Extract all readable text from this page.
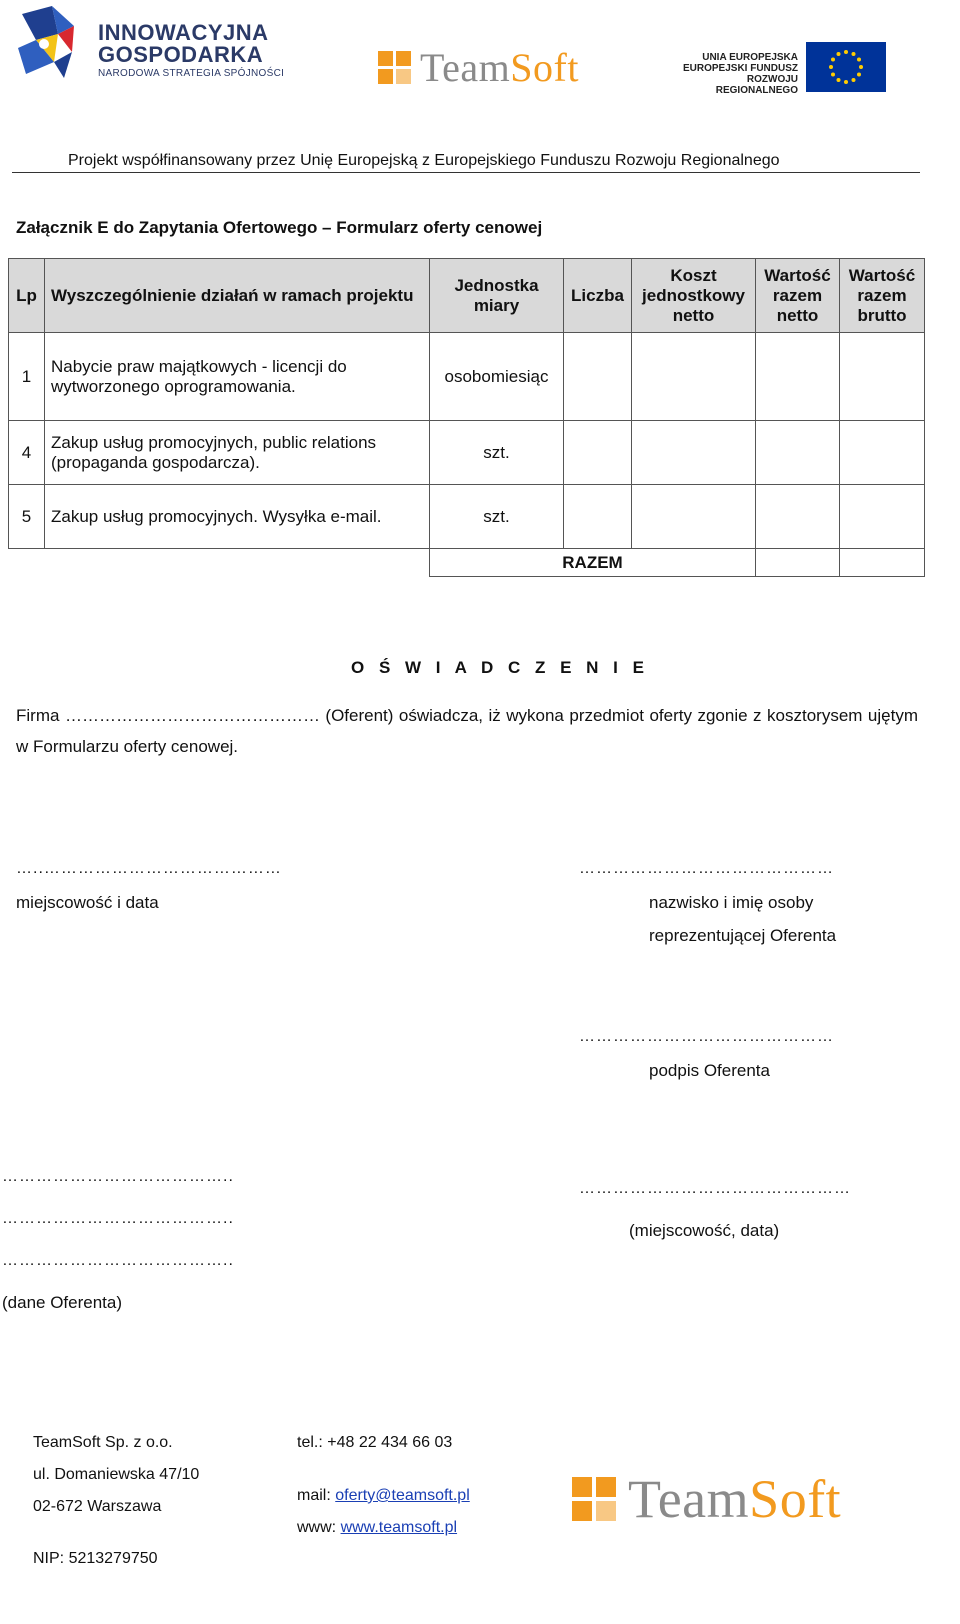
INNOWACYJNA
GOSPODARKA
NARODOWA STRATEGIA SPÓJNOŚCI	TeamSoft	UNIA EUROPEJSKA
EUROPEJSKI FUNDUSZ
ROZWOJU REGIONALNEGO
Projekt współfinansowany przez Unię Europejską z Europejskiego Funduszu Rozwoju Regionalnego
Załącznik E do Zapytania Ofertowego – Formularz oferty cenowej
Lp	Wyszczególnienie działań w ramach projektu	Jednostka miary	Liczba	Koszt jednostkowy netto	Wartość razem netto	Wartość razem brutto
1	Nabycie praw majątkowych - licencji do wytworzonego oprogramowania.	osobomiesiąc				
4	Zakup usług promocyjnych, public relations (propaganda gospodarcza).	szt.				
5	Zakup usług promocyjnych. Wysyłka e-mail.	szt.				
		RAZEM				
O Ś W I A D C Z E N I E
Firma ……………………………………… (Oferent) oświadcza, iż wykona przedmiot oferty zgonie z kosztorysem ujętym w Formularzu oferty cenowej.
…..……………………………………
miejscowość i data
………………………………………
nazwisko i imię osoby
reprezentującej Oferenta
………………………………………
podpis Oferenta
…………………………………..
…………………………………..
…………………………………..
(dane Oferenta)
…………………………………………
(miejscowość, data)
TeamSoft Sp. z o.o.
ul. Domaniewska 47/10
02-672 Warszawa
NIP: 5213279750
tel.: +48 22 434 66 03
mail: oferty@teamsoft.pl
www: www.teamsoft.pl	TeamSoft
